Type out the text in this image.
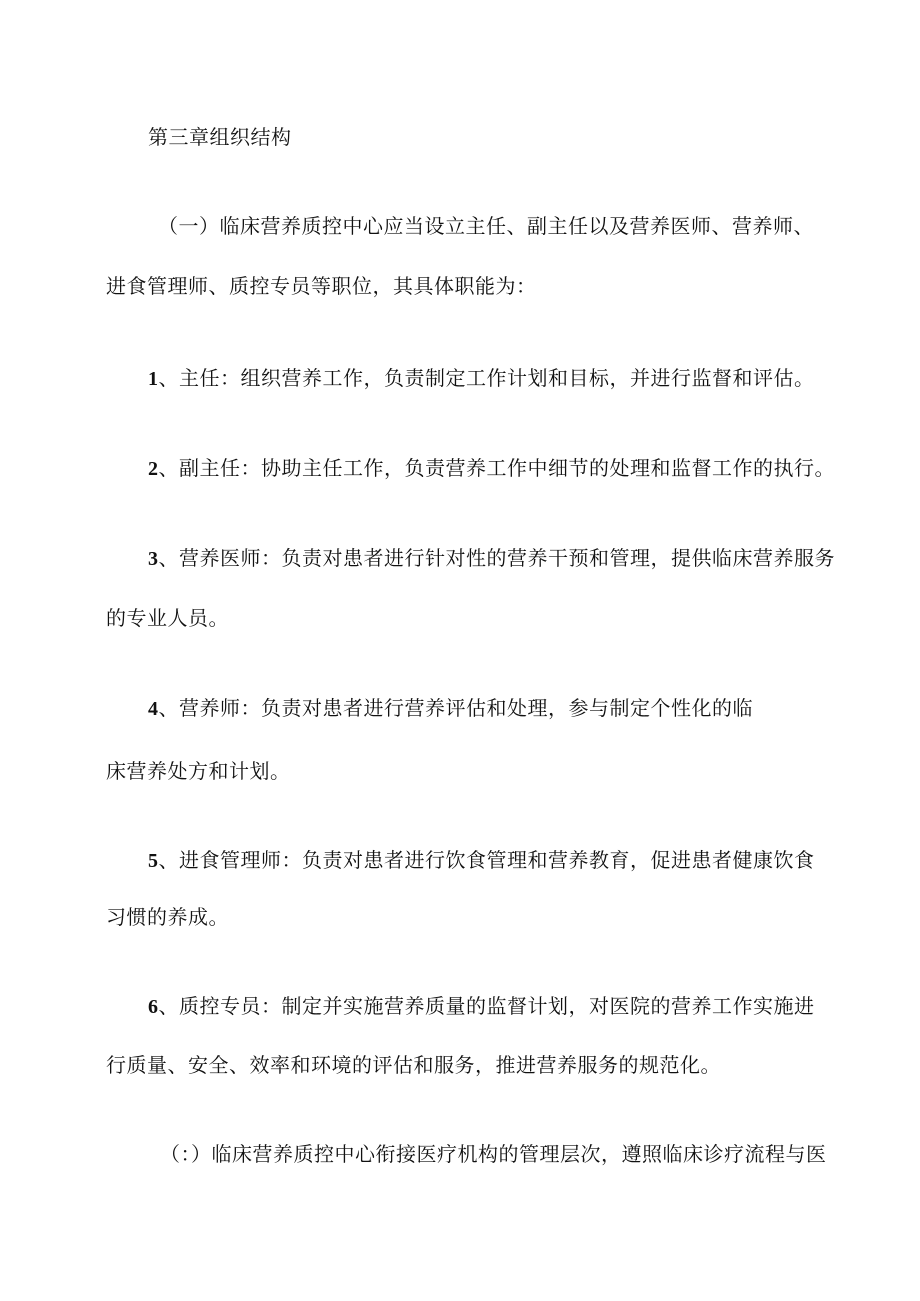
第三章组织结构
（一）临床营养质控中心应当设立主任、副主任以及营养医师、营养师、
进食管理师、质控专员等职位，其具体职能为：
1、主任：组织营养工作，负责制定工作计划和目标，并进行监督和评估。
2、副主任：协助主任工作，负责营养工作中细节的处理和监督工作的执行。
3、营养医师：负责对患者进行针对性的营养干预和管理，提供临床营养服务
的专业人员。
4、营养师：负责对患者进行营养评估和处理，参与制定个性化的临
床营养处方和计划。
5、进食管理师：负责对患者进行饮食管理和营养教育，促进患者健康饮食
习惯的养成。
6、质控专员：制定并实施营养质量的监督计划，对医院的营养工作实施进
行质量、安全、效率和环境的评估和服务，推进营养服务的规范化。
（：）临床营养质控中心衔接医疗机构的管理层次，遵照临床诊疗流程与医
